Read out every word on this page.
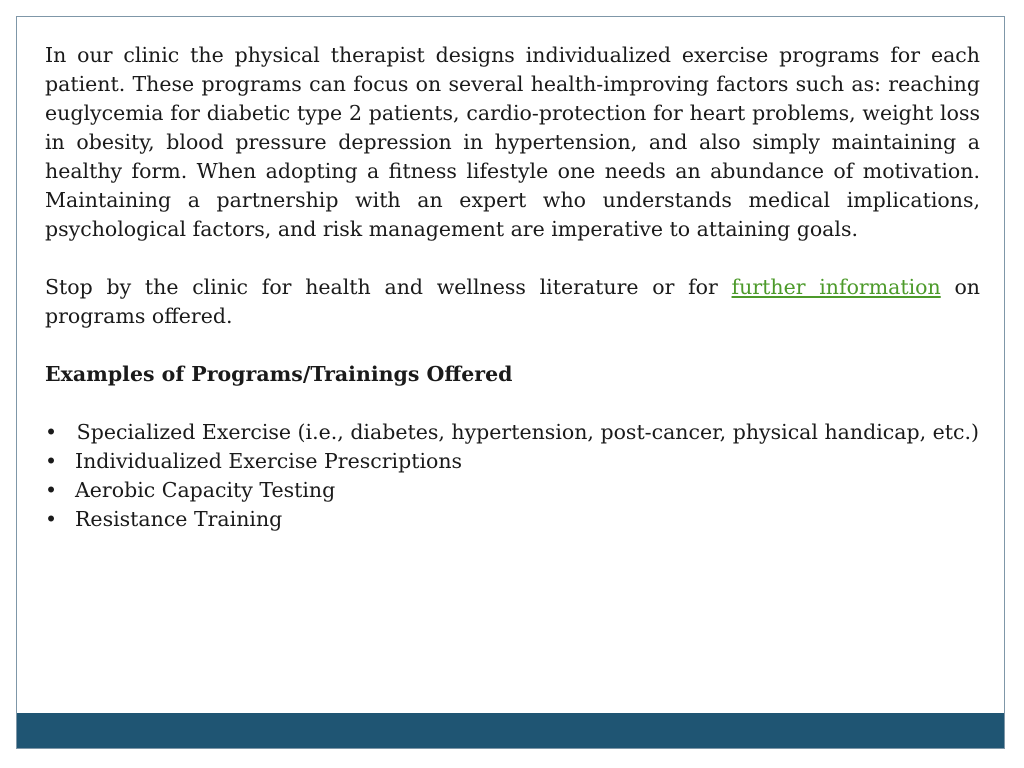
In our clinic the physical therapist designs individualized exercise programs for each patient. These programs can focus on several health-improving factors such as: reaching euglycemia for diabetic type 2 patients, cardio-protection for heart problems, weight loss in obesity, blood pressure depression in hypertension, and also simply maintaining a healthy form. When adopting a fitness lifestyle one needs an abundance of motivation. Maintaining a partnership with an expert who understands medical implications, psychological factors, and risk management are imperative to attaining goals.

Stop by the clinic for health and wellness literature or for further information on programs offered.

Examples of Programs/Trainings Offered

• Specialized Exercise (i.e., diabetes, hypertension, post-cancer, physical handicap, etc.)
• Individualized Exercise Prescriptions
• Aerobic Capacity Testing
• Resistance Training
